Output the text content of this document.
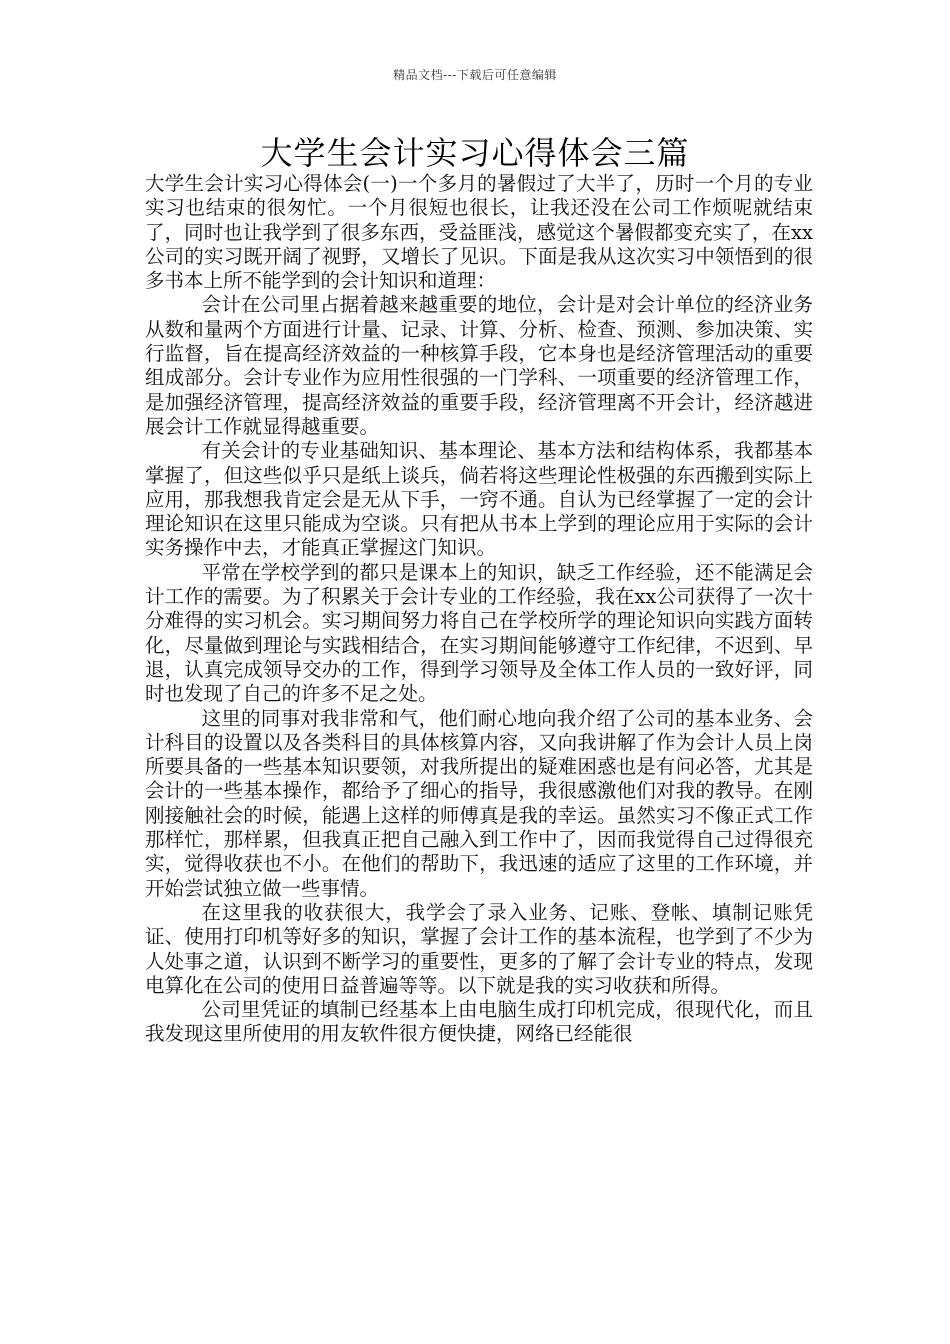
精品文档---下载后可任意编辑
大学生会计实习心得体会三篇

大学生会计实习心得体会(一)一个多月的暑假过了大半了，历时一个月的专业实习也结束的很匆忙。一个月很短也很长，让我还没在公司工作烦呢就结束了，同时也让我学到了很多东西，受益匪浅，感觉这个暑假都变充实了，在xx公司的实习既开阔了视野，又增长了见识。下面是我从这次实习中领悟到的很多书本上所不能学到的会计知识和道理：

会计在公司里占据着越来越重要的地位，会计是对会计单位的经济业务从数和量两个方面进行计量、记录、计算、分析、检查、预测、参加决策、实行监督，旨在提高经济效益的一种核算手段，它本身也是经济管理活动的重要组成部分。会计专业作为应用性很强的一门学科、一项重要的经济管理工作，是加强经济管理，提高经济效益的重要手段，经济管理离不开会计，经济越进展会计工作就显得越重要。

有关会计的专业基础知识、基本理论、基本方法和结构体系，我都基本掌握了，但这些似乎只是纸上谈兵，倘若将这些理论性极强的东西搬到实际上应用，那我想我肯定会是无从下手，一窍不通。自认为已经掌握了一定的会计理论知识在这里只能成为空谈。只有把从书本上学到的理论应用于实际的会计实务操作中去，才能真正掌握这门知识。

平常在学校学到的都只是课本上的知识，缺乏工作经验，还不能满足会计工作的需要。为了积累关于会计专业的工作经验，我在xx公司获得了一次十分难得的实习机会。实习期间努力将自己在学校所学的理论知识向实践方面转化，尽量做到理论与实践相结合，在实习期间能够遵守工作纪律，不迟到、早退，认真完成领导交办的工作，得到学习领导及全体工作人员的一致好评，同时也发现了自己的许多不足之处。

这里的同事对我非常和气，他们耐心地向我介绍了公司的基本业务、会计科目的设置以及各类科目的具体核算内容，又向我讲解了作为会计人员上岗所要具备的一些基本知识要领，对我所提出的疑难困惑也是有问必答，尤其是会计的一些基本操作，都给予了细心的指导，我很感激他们对我的教导。在刚刚接触社会的时候，能遇上这样的师傅真是我的幸运。虽然实习不像正式工作那样忙，那样累，但我真正把自己融入到工作中了，因而我觉得自己过得很充实，觉得收获也不小。在他们的帮助下，我迅速的适应了这里的工作环境，并开始尝试独立做一些事情。

在这里我的收获很大，我学会了录入业务、记账、登帐、填制记账凭证、使用打印机等好多的知识，掌握了会计工作的基本流程，也学到了不少为人处事之道，认识到不断学习的重要性，更多的了解了会计专业的特点，发现电算化在公司的使用日益普遍等等。以下就是我的实习收获和所得。

公司里凭证的填制已经基本上由电脑生成打印机完成，很现代化，而且我发现这里所使用的用友软件很方便快捷，网络已经能很
